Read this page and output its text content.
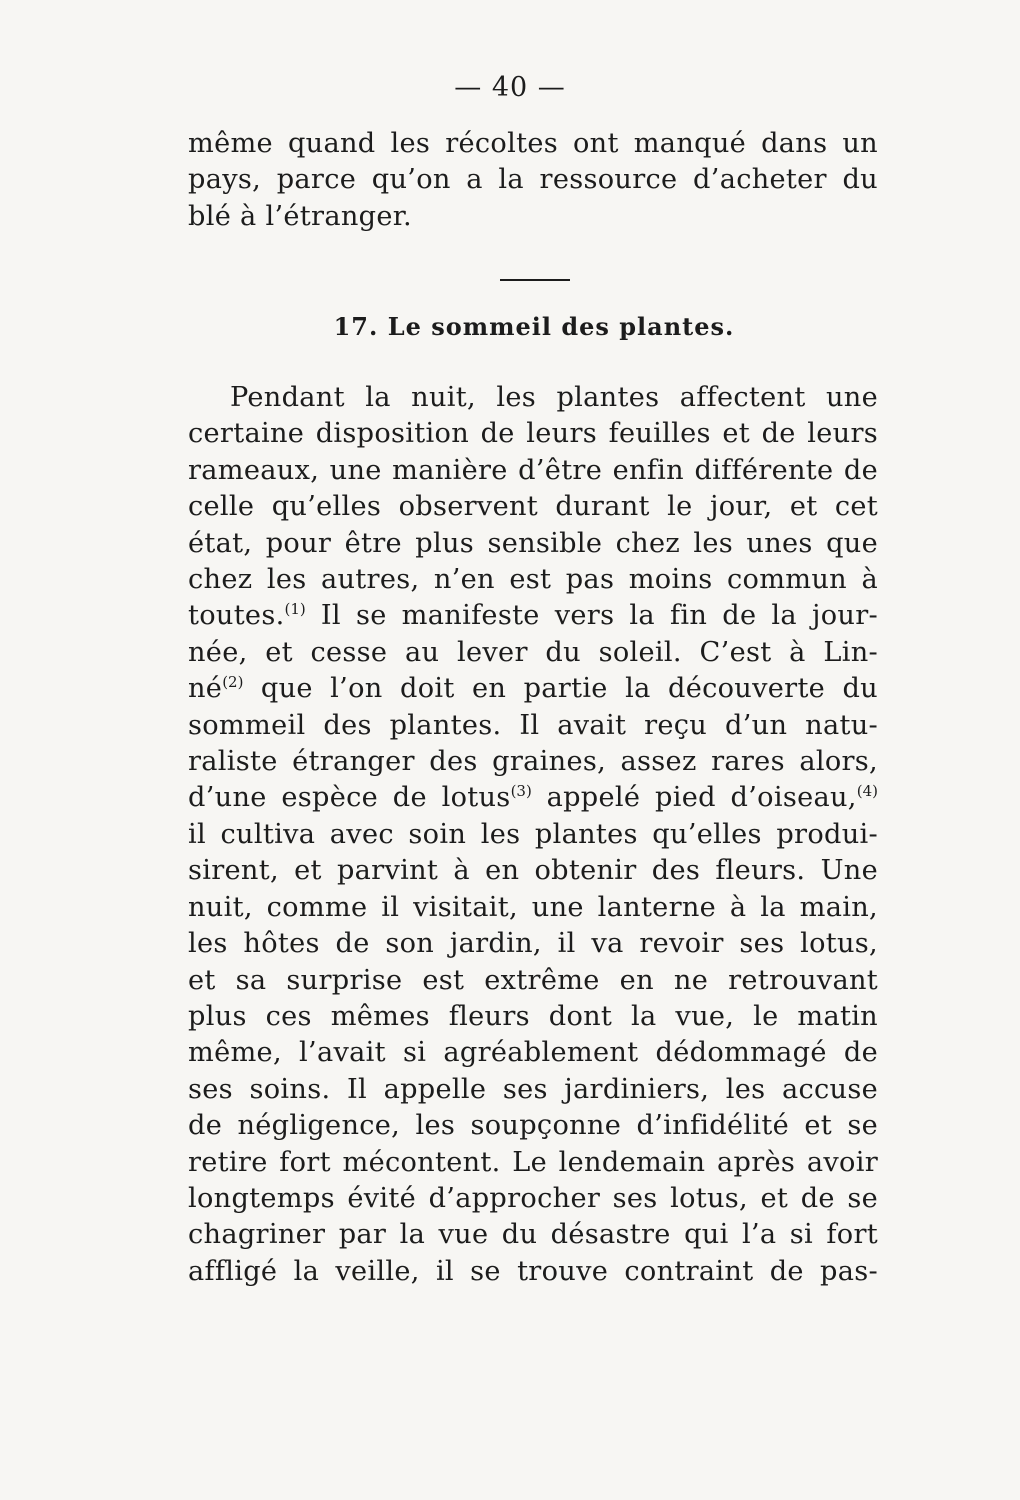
— 40 —
même quand les récoltes ont manqué dans un
pays, parce qu’on a la ressource d’acheter du
blé à l’étranger.
17. Le sommeil des plantes.
Pendant la nuit, les plantes affectent une
certaine disposition de leurs feuilles et de leurs
rameaux, une manière d’être enfin différente de
celle qu’elles observent durant le jour, et cet
état, pour être plus sensible chez les unes que
chez les autres, n’en est pas moins commun à
toutes.$^{(1)}$ Il se manifeste vers la fin de la jour-
née, et cesse au lever du soleil. C’est à Lin-
né$^{(2)}$ que l’on doit en partie la découverte du
sommeil des plantes. Il avait reçu d’un natu-
raliste étranger des graines, assez rares alors,
d’une espèce de lotus$^{(3)}$ appelé pied d’oiseau,$^{(4)}$
il cultiva avec soin les plantes qu’elles produi-
sirent, et parvint à en obtenir des fleurs. Une
nuit, comme il visitait, une lanterne à la main,
les hôtes de son jardin, il va revoir ses lotus,
et sa surprise est extrême en ne retrouvant
plus ces mêmes fleurs dont la vue, le matin
même, l’avait si agréablement dédommagé de
ses soins. Il appelle ses jardiniers, les accuse
de négligence, les soupçonne d’infidélité et se
retire fort mécontent. Le lendemain après avoir
longtemps évité d’approcher ses lotus, et de se
chagriner par la vue du désastre qui l’a si fort
affligé la veille, il se trouve contraint de pas-
